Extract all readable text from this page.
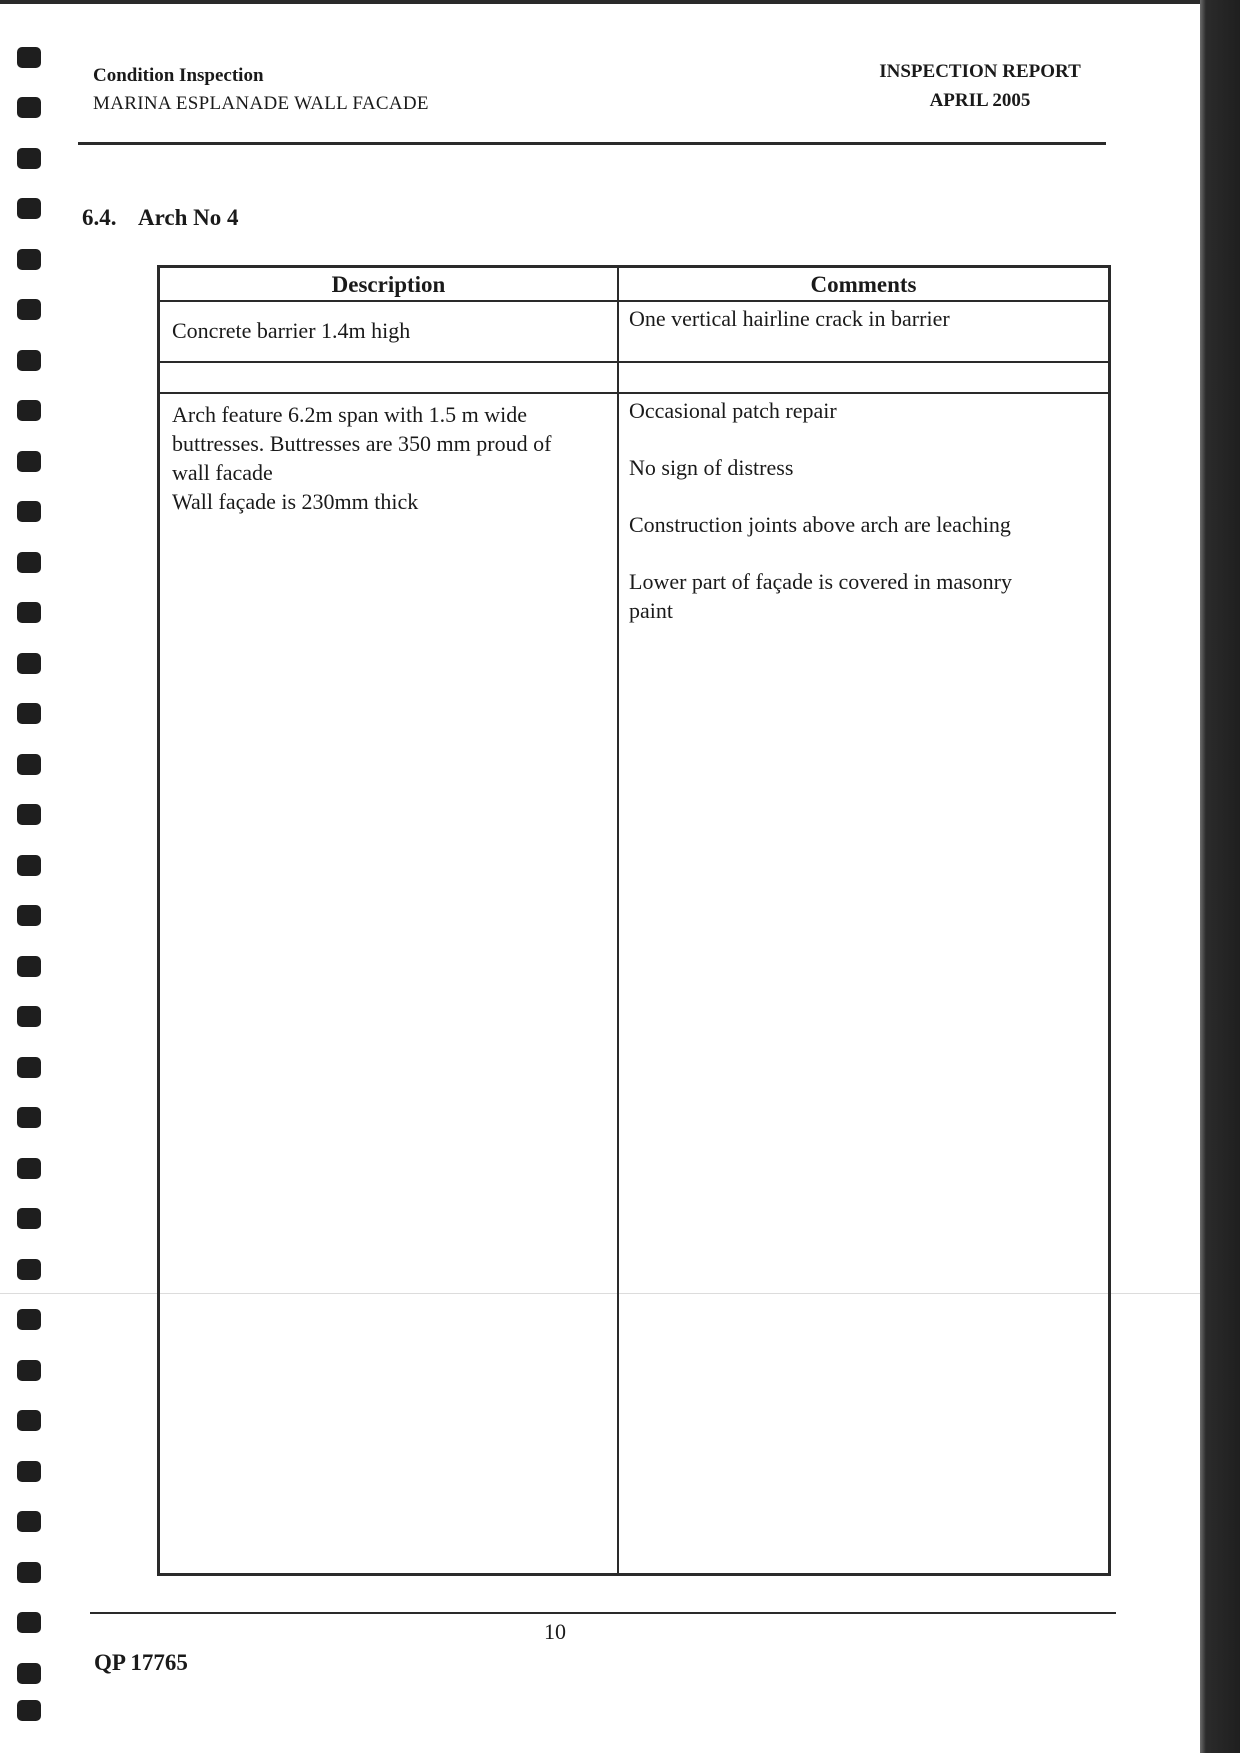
Condition Inspection
MARINA ESPLANADE WALL FACADE
INSPECTION REPORT
APRIL 2005
6.4. Arch No 4
Description	Comments

Concrete barrier 1.4m high	One vertical hairline crack in barrier

Arch feature 6.2m span with 1.5 m wide

buttresses. Buttresses are 350 mm proud of

wall facade

Wall façade is 230mm thick

Occasional patch repair

No sign of distress

Construction joints above arch are leaching

Lower part of façade is covered in masonry

paint

10
QP 17765
